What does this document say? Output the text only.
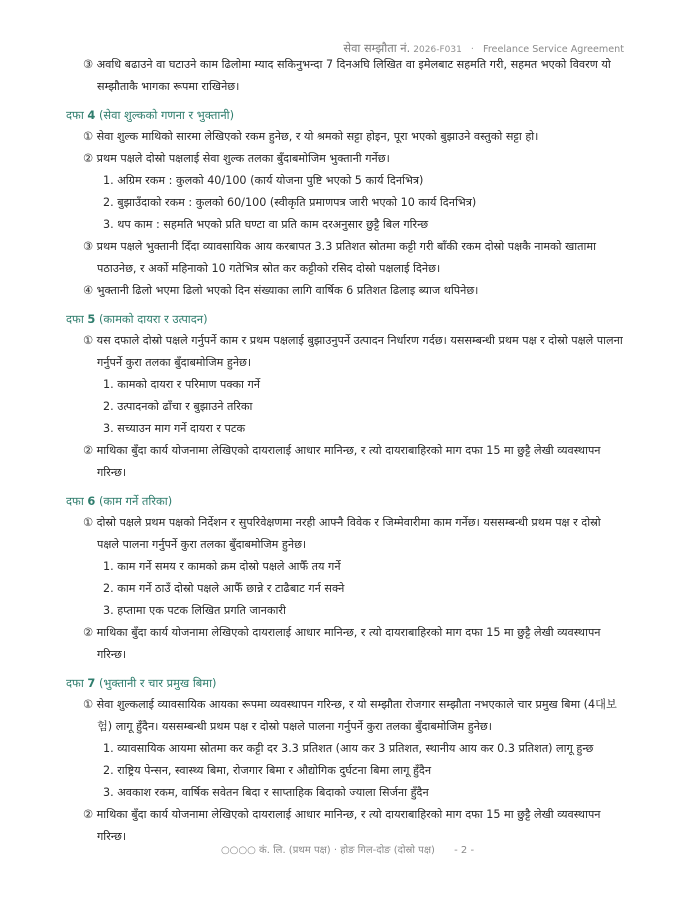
सेवा सम्झौता नं. 2026-F031 · Freelance Service Agreement
③ अवधि बढाउने वा घटाउने काम ढिलोमा म्याद सकिनुभन्दा 7 दिनअघि लिखित वा इमेलबाट सहमति गरी, सहमत भएको विवरण यो सम्झौताकै भागका रूपमा राखिनेछ।
दफा 4 (सेवा शुल्कको गणना र भुक्तानी)
① सेवा शुल्क माथिको सारमा लेखिएको रकम हुनेछ, र यो श्रमको सट्टा होइन, पूरा भएको बुझाउने वस्तुको सट्टा हो।
② प्रथम पक्षले दोस्रो पक्षलाई सेवा शुल्क तलका बुँदाबमोजिम भुक्तानी गर्नेछ।
1. अग्रिम रकम : कुलको 40/100 (कार्य योजना पुष्टि भएको 5 कार्य दिनभित्र)
2. बुझाउँदाको रकम : कुलको 60/100 (स्वीकृति प्रमाणपत्र जारी भएको 10 कार्य दिनभित्र)
3. थप काम : सहमति भएको प्रति घण्टा वा प्रति काम दरअनुसार छुट्टै बिल गरिन्छ
③ प्रथम पक्षले भुक्तानी दिँदा व्यावसायिक आय करबापत 3.3 प्रतिशत स्रोतमा कट्टी गरी बाँकी रकम दोस्रो पक्षकै नामको खातामा पठाउनेछ, र अर्को महिनाको 10 गतेभित्र स्रोत कर कट्टीको रसिद दोस्रो पक्षलाई दिनेछ।
④ भुक्तानी ढिलो भएमा ढिलो भएको दिन संख्याका लागि वार्षिक 6 प्रतिशत ढिलाइ ब्याज थपिनेछ।
दफा 5 (कामको दायरा र उत्पादन)
① यस दफाले दोस्रो पक्षले गर्नुपर्ने काम र प्रथम पक्षलाई बुझाउनुपर्ने उत्पादन निर्धारण गर्दछ। यससम्बन्धी प्रथम पक्ष र दोस्रो पक्षले पालना गर्नुपर्ने कुरा तलका बुँदाबमोजिम हुनेछ।
1. कामको दायरा र परिमाण पक्का गर्ने
2. उत्पादनको ढाँचा र बुझाउने तरिका
3. सच्याउन माग गर्ने दायरा र पटक
② माथिका बुँदा कार्य योजनामा लेखिएको दायरालाई आधार मानिन्छ, र त्यो दायराबाहिरको माग दफा 15 मा छुट्टै लेखी व्यवस्थापन गरिन्छ।
दफा 6 (काम गर्ने तरिका)
① दोस्रो पक्षले प्रथम पक्षको निर्देशन र सुपरिवेक्षणमा नरही आफ्नै विवेक र जिम्मेवारीमा काम गर्नेछ। यससम्बन्धी प्रथम पक्ष र दोस्रो पक्षले पालना गर्नुपर्ने कुरा तलका बुँदाबमोजिम हुनेछ।
1. काम गर्ने समय र कामको क्रम दोस्रो पक्षले आफैँ तय गर्ने
2. काम गर्ने ठाउँ दोस्रो पक्षले आफैँ छान्ने र टाढैबाट गर्न सक्ने
3. हप्तामा एक पटक लिखित प्रगति जानकारी
② माथिका बुँदा कार्य योजनामा लेखिएको दायरालाई आधार मानिन्छ, र त्यो दायराबाहिरको माग दफा 15 मा छुट्टै लेखी व्यवस्थापन गरिन्छ।
दफा 7 (भुक्तानी र चार प्रमुख बिमा)
① सेवा शुल्कलाई व्यावसायिक आयका रूपमा व्यवस्थापन गरिन्छ, र यो सम्झौता रोजगार सम्झौता नभएकाले चार प्रमुख बिमा (4대보험) लागू हुँदैन। यससम्बन्धी प्रथम पक्ष र दोस्रो पक्षले पालना गर्नुपर्ने कुरा तलका बुँदाबमोजिम हुनेछ।
1. व्यावसायिक आयमा स्रोतमा कर कट्टी दर 3.3 प्रतिशत (आय कर 3 प्रतिशत, स्थानीय आय कर 0.3 प्रतिशत) लागू हुन्छ
2. राष्ट्रिय पेन्सन, स्वास्थ्य बिमा, रोजगार बिमा र औद्योगिक दुर्घटना बिमा लागू हुँदैन
3. अवकाश रकम, वार्षिक सवेतन बिदा र साप्ताहिक बिदाको ज्याला सिर्जना हुँदैन
② माथिका बुँदा कार्य योजनामा लेखिएको दायरालाई आधार मानिन्छ, र त्यो दायराबाहिरको माग दफा 15 मा छुट्टै लेखी व्यवस्थापन गरिन्छ।
○○○○ कं. लि. (प्रथम पक्ष) · होङ गिल-दोङ (दोस्रो पक्ष) - 2 -
